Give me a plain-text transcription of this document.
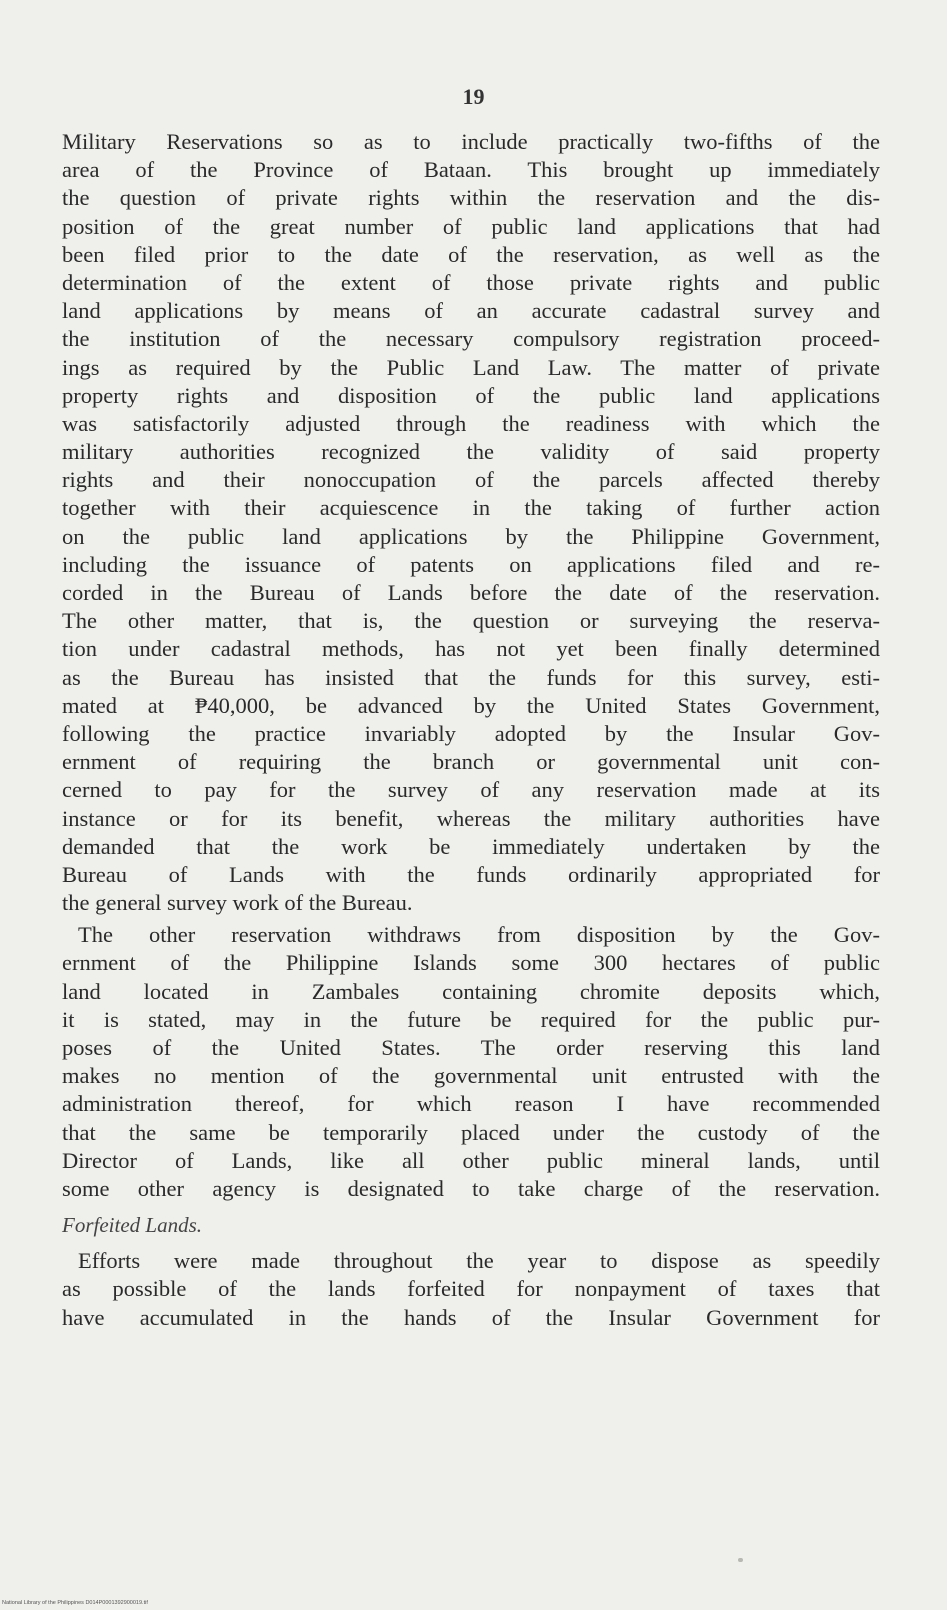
19
Military Reservations so as to include practically two-fifths of the
area of the Province of Bataan. This brought up immediately
the question of private rights within the reservation and the dis-
position of the great number of public land applications that had
been filed prior to the date of the reservation, as well as the
determination of the extent of those private rights and public
land applications by means of an accurate cadastral survey and
the institution of the necessary compulsory registration proceed-
ings as required by the Public Land Law. The matter of private
property rights and disposition of the public land applications
was satisfactorily adjusted through the readiness with which the
military authorities recognized the validity of said property
rights and their nonoccupation of the parcels affected thereby
together with their acquiescence in the taking of further action
on the public land applications by the Philippine Government,
including the issuance of patents on applications filed and re-
corded in the Bureau of Lands before the date of the reservation.
The other matter, that is, the question or surveying the reserva-
tion under cadastral methods, has not yet been finally determined
as the Bureau has insisted that the funds for this survey, esti-
mated at ₱40,000, be advanced by the United States Government,
following the practice invariably adopted by the Insular Gov-
ernment of requiring the branch or governmental unit con-
cerned to pay for the survey of any reservation made at its
instance or for its benefit, whereas the military authorities have
demanded that the work be immediately undertaken by the
Bureau of Lands with the funds ordinarily appropriated for
the general survey work of the Bureau.
The other reservation withdraws from disposition by the Gov-
ernment of the Philippine Islands some 300 hectares of public
land located in Zambales containing chromite deposits which,
it is stated, may in the future be required for the public pur-
poses of the United States. The order reserving this land
makes no mention of the governmental unit entrusted with the
administration thereof, for which reason I have recommended
that the same be temporarily placed under the custody of the
Director of Lands, like all other public mineral lands, until
some other agency is designated to take charge of the reservation.
Forfeited Lands.
Efforts were made throughout the year to dispose as speedily
as possible of the lands forfeited for nonpayment of taxes that
have accumulated in the hands of the Insular Government for
National Library of the Philippines D014P0001392900019.tif
